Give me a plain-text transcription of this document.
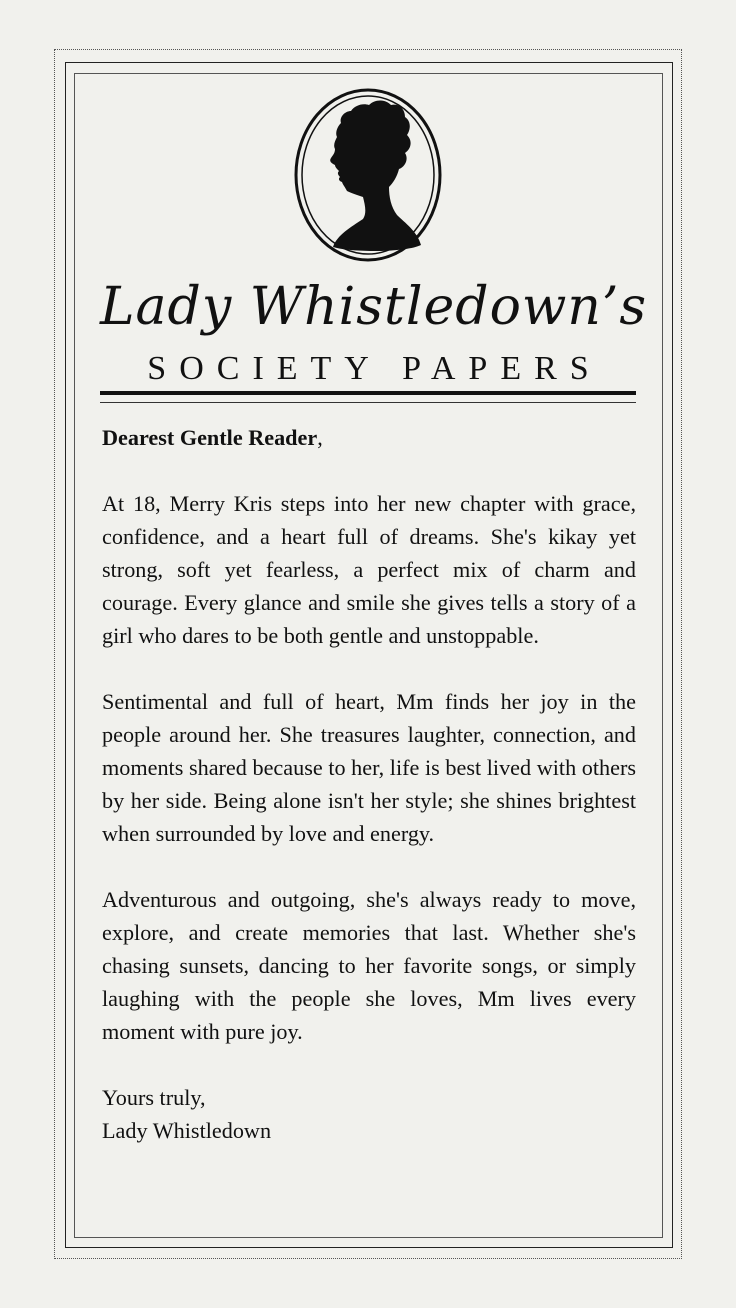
Lady Whistledown’s
SOCIETY PAPERS

Dearest Gentle Reader,

At 18, Merry Kris steps into her new chapter with grace, confidence, and a heart full of dreams. She's kikay yet strong, soft yet fearless, a perfect mix of charm and courage. Every glance and smile she gives tells a story of a girl who dares to be both gentle and unstoppable.

Sentimental and full of heart, Mm finds her joy in the people around her. She treasures laughter, connection, and moments shared because to her, life is best lived with others by her side. Being alone isn't her style; she shines brightest when surrounded by love and energy.

Adventurous and outgoing, she's always ready to move, explore, and create memories that last. Whether she's chasing sunsets, dancing to her favorite songs, or simply laughing with the people she loves, Mm lives every moment with pure joy.

Yours truly,

Lady Whistledown
